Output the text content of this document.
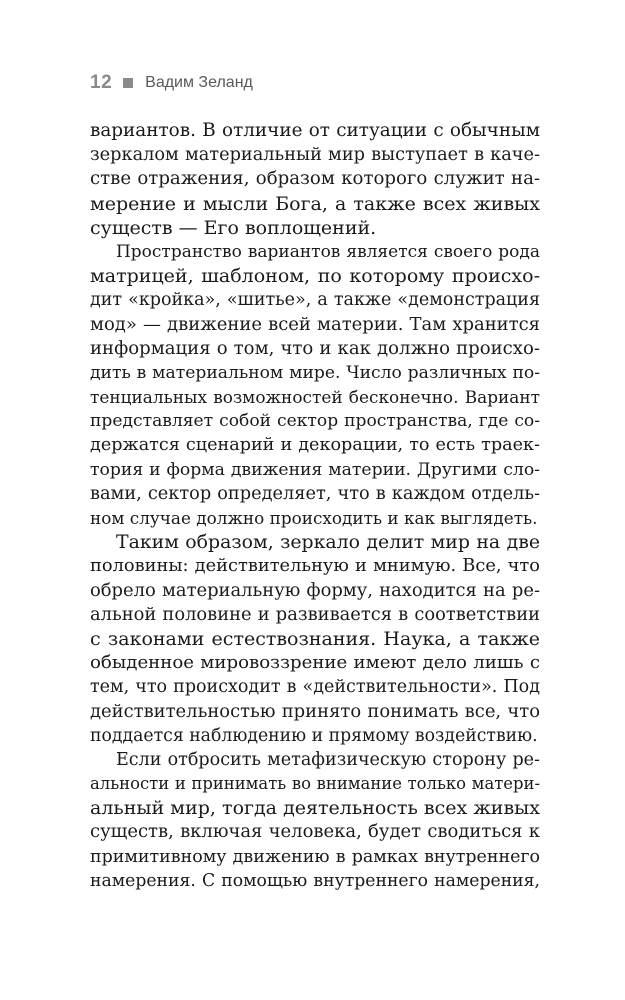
12 Вадим Зеланд
вариантов. В отличие от ситуации с обычным
зеркалом материальный мир выступает в каче-
стве отражения, образом которого служит на-
мерение и мысли Бога, а также всех живых
существ — Его воплощений.
Пространство вариантов является своего рода
матрицей, шаблоном, по которому происхо-
дит «кройка», «шитье», а также «демонстрация
мод» — движение всей материи. Там хранится
информация о том, что и как должно происхо-
дить в материальном мире. Число различных по-
тенциальных возможностей бесконечно. Вариант
представляет собой сектор пространства, где со-
держатся сценарий и декорации, то есть траек-
тория и форма движения материи. Другими сло-
вами, сектор определяет, что в каждом отдель-
ном случае должно происходить и как выглядеть.
Таким образом, зеркало делит мир на две
половины: действительную и мнимую. Все, что
обрело материальную форму, находится на ре-
альной половине и развивается в соответствии
с законами естествознания. Наука, а также
обыденное мировоззрение имеют дело лишь с
тем, что происходит в «действительности». Под
действительностью принято понимать все, что
поддается наблюдению и прямому воздействию.
Если отбросить метафизическую сторону ре-
альности и принимать во внимание только матери-
альный мир, тогда деятельность всех живых
существ, включая человека, будет сводиться к
примитивному движению в рамках внутреннего
намерения. С помощью внутреннего намерения,
